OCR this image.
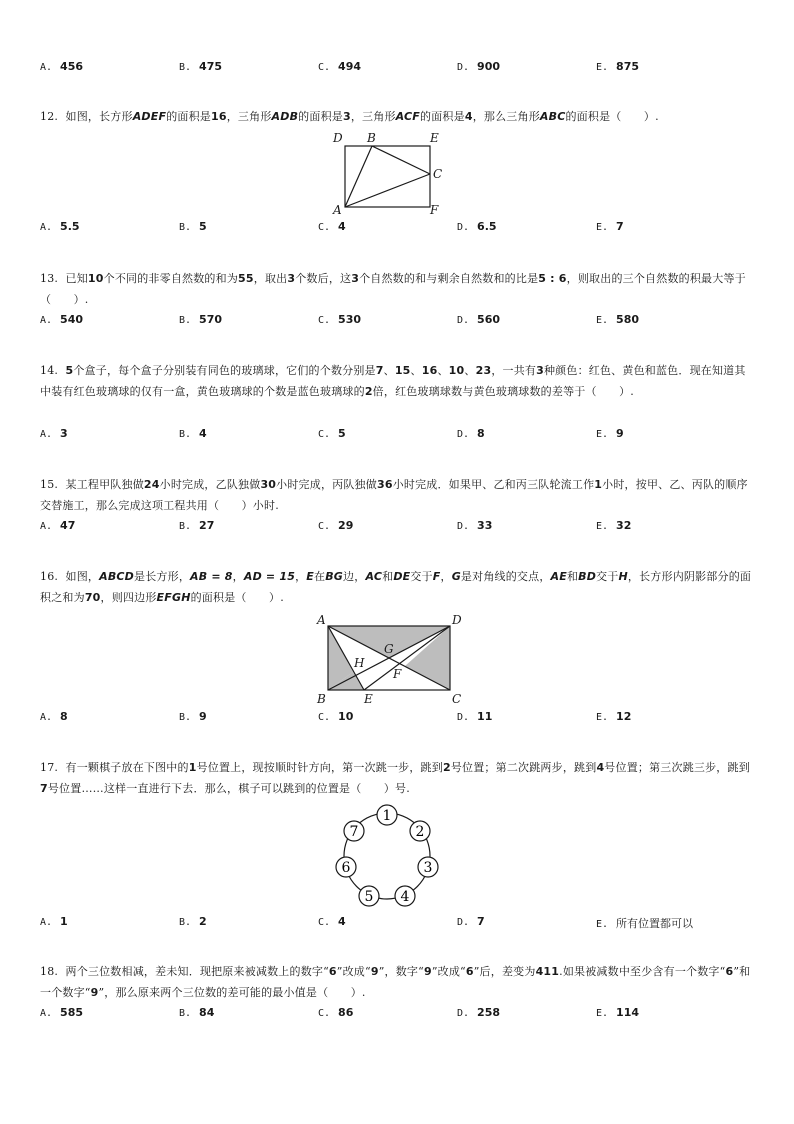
A. 456	B. 475	C. 494	D. 900	E. 875
12. 如图，长方形ADEF的面积是16，三角形ADB的面积是3，三角形ACF的面积是4，那么三角形ABC的面积是（　　）.
D B	E
C
A	F
A. 5.5	B. 5	C. 4	D. 6.5	E. 7
13. 已知10个不同的非零自然数的和为55，取出3个数后，这3个自然数的和与剩余自然数和的比是5 : 6，则取出的三个自然数的积最大等于（　　）.
A. 540	B. 570	C. 530	D. 560	E. 580
14. 5个盒子，每个盒子分别装有同色的玻璃球，它们的个数分别是7、15、16、10、23，一共有3种颜色：红色、黄色和蓝色．现在知道其中装有红色玻璃球的仅有一盒，黄色玻璃球的个数是蓝色玻璃球的2倍，红色玻璃球数与黄色玻璃球数的差等于（　　）.
A. 3	B. 4	C. 5	D. 8	E. 9
15. 某工程甲队独做24小时完成，乙队独做30小时完成，丙队独做36小时完成．如果甲、乙和丙三队轮流工作1小时，按甲、乙、丙队的顺序交替施工，那么完成这项工程共用（　　）小时.
A. 47	B. 27	C. 29	D. 33	E. 32
16. 如图，ABCD是长方形，AB = 8，AD = 15，E在BG边，AC和DE交于F，G是对角线的交点，AE和BD交于H，长方形内阴影部分的面积之和为70，则四边形EFGH的面积是（　　）.
A	D
B	E	C
G
H
F
A. 8	B. 9	C. 10	D. 11	E. 12
17. 有一颗棋子放在下图中的1号位置上，现按顺时针方向，第一次跳一步，跳到2号位置；第二次跳两步，跳到4号位置；第三次跳三步，跳到7号位置……这样一直进行下去．那么，棋子可以跳到的位置是（　　）号.
1
2
3
4
5
6
7
A. 1	B. 2	C. 4	D. 7	E. 所有位置都可以
18. 两个三位数相减，差未知．现把原来被减数上的数字“6”改成“9”，数字“9”改成“6”后，差变为411.如果被减数中至少含有一个数字“6”和一个数字“9”，那么原来两个三位数的差可能的最小值是（　　）.
A. 585	B. 84	C. 86	D. 258	E. 114
